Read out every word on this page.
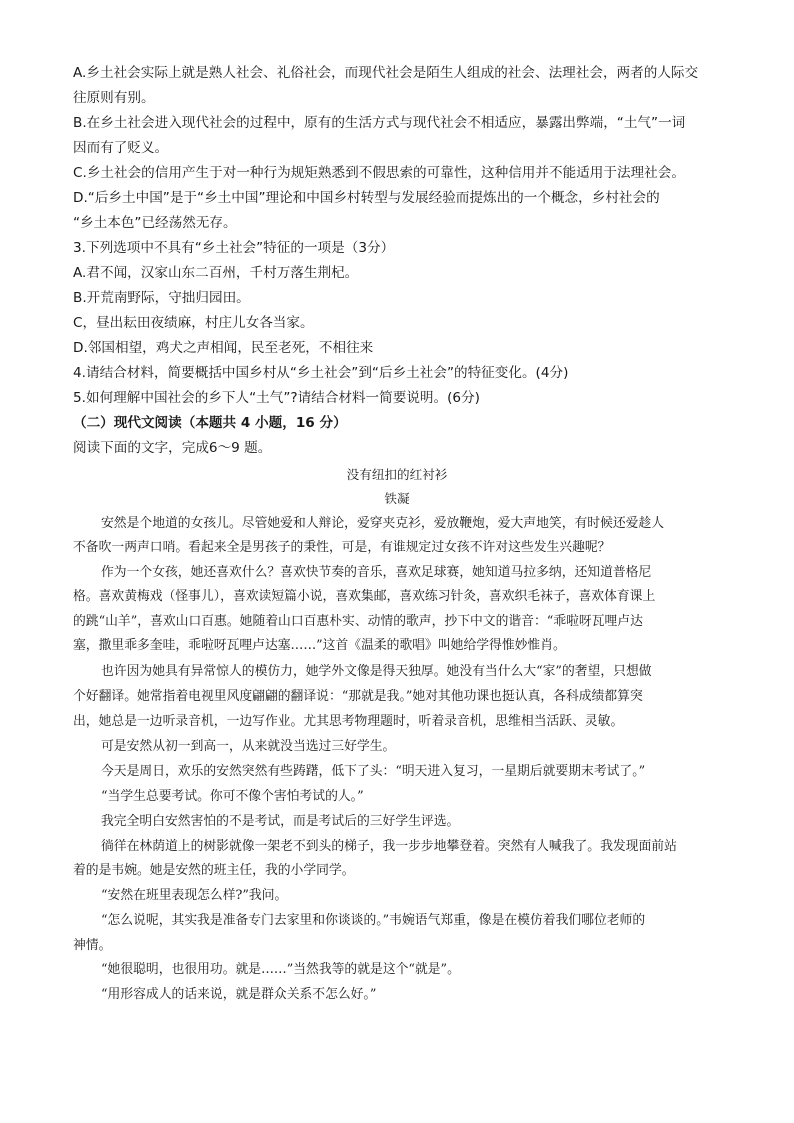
A.乡土社会实际上就是熟人社会、礼俗社会，而现代社会是陌生人组成的社会、法理社会，两者的人际交
往原则有别。
B.在乡土社会进入现代社会的过程中，原有的生活方式与现代社会不相适应，暴露出弊端，“土气”一词
因而有了贬义。
C.乡土社会的信用产生于对一种行为规矩熟悉到不假思索的可靠性，这种信用并不能适用于法理社会。
D.“后乡土中国”是于“乡土中国”理论和中国乡村转型与发展经验而提炼出的一个概念，乡村社会的
“乡土本色”已经荡然无存。
3.下列选项中不具有“乡土社会”特征的一项是（3分）
A.君不闻，汉家山东二百州，千村万落生荆杞。
B.开荒南野际，守拙归园田。
C，昼出耘田夜绩麻，村庄儿女各当家。
D.邻国相望，鸡犬之声相闻，民至老死，不相往来
4.请结合材料，简要概括中国乡村从“乡土社会”到“后乡土社会”的特征变化。(4分)
5.如何理解中国社会的乡下人“土气”?请结合材料一简要说明。(6分)
（二）现代文阅读（本题共 4 小题，16 分）
阅读下面的文字，完成6～9 题。
没有纽扣的红衬衫
铁凝
安然是个地道的女孩儿。尽管她爱和人辩论，爱穿夹克衫，爱放鞭炮，爱大声地笑，有时候还爱趁人
不备吹一两声口哨。看起来全是男孩子的秉性，可是，有谁规定过女孩不许对这些发生兴趣呢？
作为一个女孩，她还喜欢什么？喜欢快节奏的音乐，喜欢足球赛，她知道马拉多纳，还知道普格尼
格。喜欢黄梅戏（怪事儿），喜欢读短篇小说，喜欢集邮，喜欢练习针灸，喜欢织毛袜子，喜欢体育课上
的跳“山羊”，喜欢山口百惠。她随着山口百惠朴实、动情的歌声，抄下中文的谐音：“乖啦呀瓦哩卢达
塞，撒里乖多奎哇，乖啦呀瓦哩卢达塞……”这首《温柔的歌唱》叫她给学得惟妙惟肖。
也许因为她具有异常惊人的模仿力，她学外文像是得天独厚。她没有当什么大“家”的奢望，只想做
个好翻译。她常指着电视里风度翩翩的翻译说：“那就是我。”她对其他功课也挺认真，各科成绩都算突
出，她总是一边听录音机，一边写作业。尤其思考物理题时，听着录音机，思维相当活跃、灵敏。
可是安然从初一到高一，从来就没当选过三好学生。
今天是周日，欢乐的安然突然有些踌躇，低下了头：“明天进入复习，一星期后就要期末考试了。”
“当学生总要考试。你可不像个害怕考试的人。”
我完全明白安然害怕的不是考试，而是考试后的三好学生评选。
徜徉在林荫道上的树影就像一架老不到头的梯子，我一步步地攀登着。突然有人喊我了。我发现面前站
着的是韦婉。她是安然的班主任，我的小学同学。
“安然在班里表现怎么样?”我问。
“怎么说呢，其实我是准备专门去家里和你谈谈的。”韦婉语气郑重，像是在模仿着我们哪位老师的
神情。
“她很聪明，也很用功。就是……”当然我等的就是这个“就是”。
“用形容成人的话来说，就是群众关系不怎么好。”
